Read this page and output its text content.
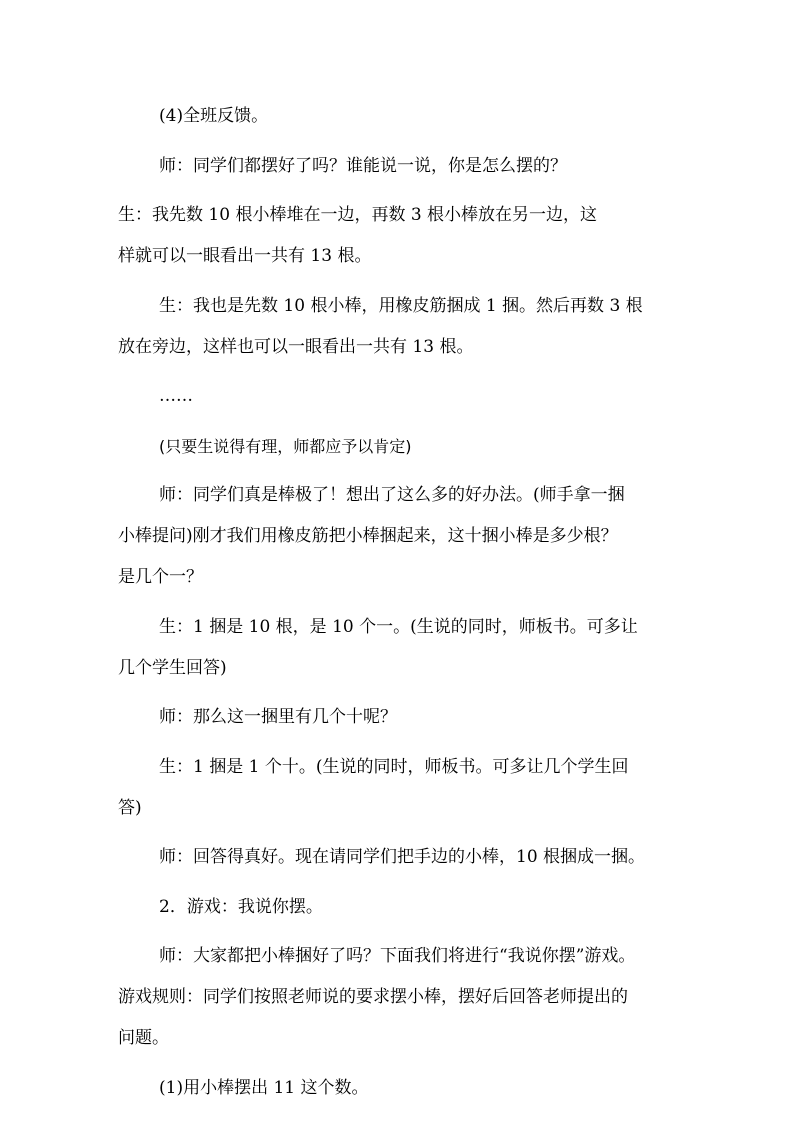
(4)全班反馈。

师：同学们都摆好了吗？谁能说一说，你是怎么摆的？

生：我先数 10 根小棒堆在一边，再数 3 根小棒放在另一边，这
样就可以一眼看出一共有 13 根。

生：我也是先数 10 根小棒，用橡皮筋捆成 1 捆。然后再数 3 根
放在旁边，这样也可以一眼看出一共有 13 根。

……

(只要生说得有理，师都应予以肯定)

师：同学们真是棒极了！想出了这么多的好办法。(师手拿一捆
小棒提问)刚才我们用橡皮筋把小棒捆起来，这十捆小棒是多少根？
是几个一？

生：1 捆是 10 根，是 10 个一。(生说的同时，师板书。可多让
几个学生回答)

师：那么这一捆里有几个十呢？

生：1 捆是 1 个十。(生说的同时，师板书。可多让几个学生回
答)

师：回答得真好。现在请同学们把手边的小棒，10 根捆成一捆。

2．游戏：我说你摆。

师：大家都把小棒捆好了吗？下面我们将进行“我说你摆”游戏。
游戏规则：同学们按照老师说的要求摆小棒，摆好后回答老师提出的
问题。

(1)用小棒摆出 11 这个数。
